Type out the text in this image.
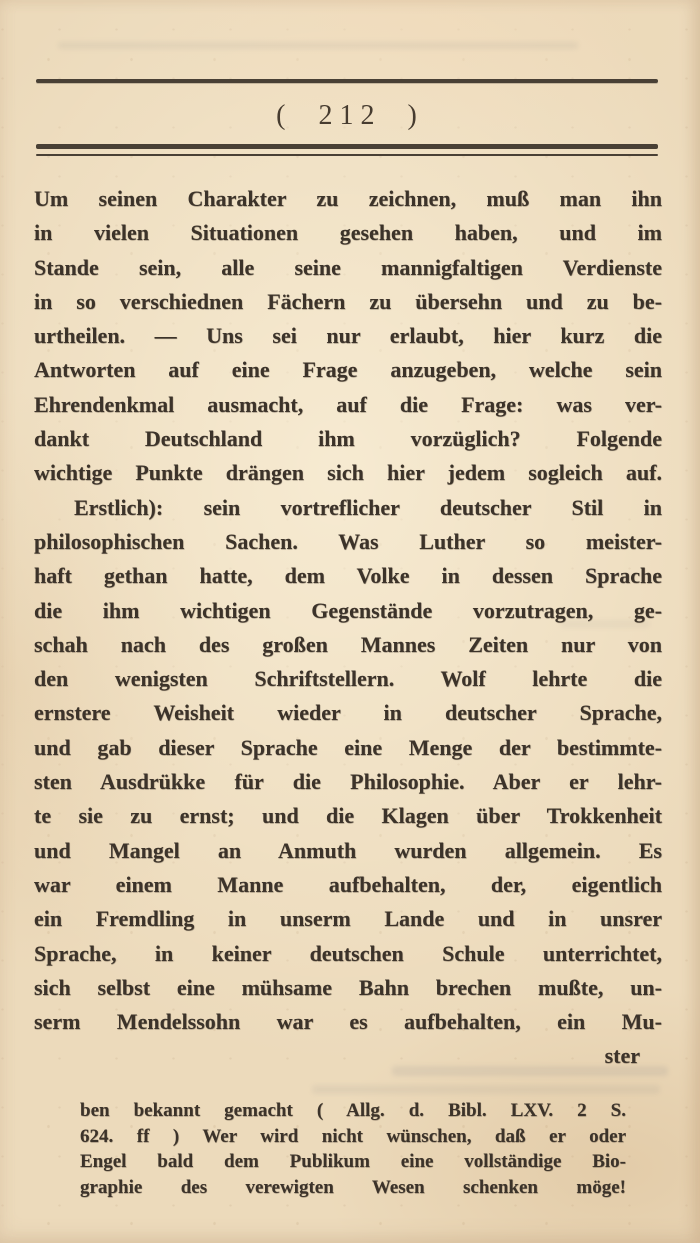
( 212 )
Um seinen Charakter zu zeichnen, muß man ihn
in vielen Situationen gesehen haben, und im
Stande sein, alle seine mannigfaltigen Verdienste
in so verschiednen Fächern zu übersehn und zu be-
urtheilen. — Uns sei nur erlaubt, hier kurz die
Antworten auf eine Frage anzugeben, welche sein
Ehrendenkmal ausmacht, auf die Frage: was ver-
dankt Deutschland ihm vorzüglich? Folgende
wichtige Punkte drängen sich hier jedem sogleich auf.
Erstlich): sein vortreflicher deutscher Stil in
philosophischen Sachen. Was Luther so meister-
haft gethan hatte, dem Volke in dessen Sprache
die ihm wichtigen Gegenstände vorzutragen, ge-
schah nach des großen Mannes Zeiten nur von
den wenigsten Schriftstellern. Wolf lehrte die
ernstere Weisheit wieder in deutscher Sprache,
und gab dieser Sprache eine Menge der bestimmte-
sten Ausdrükke für die Philosophie. Aber er lehr-
te sie zu ernst; und die Klagen über Trokkenheit
und Mangel an Anmuth wurden allgemein. Es
war einem Manne aufbehalten, der, eigentlich
ein Fremdling in unserm Lande und in unsrer
Sprache, in keiner deutschen Schule unterrichtet,
sich selbst eine mühsame Bahn brechen mußte, un-
serm Mendelssohn war es aufbehalten, ein Mu-
ster
ben bekannt gemacht ( Allg. d. Bibl. LXV. 2 S.
624. ff ) Wer wird nicht wünschen, daß er oder
Engel bald dem Publikum eine vollständige Bio-
graphie des verewigten Wesen schenken möge!
